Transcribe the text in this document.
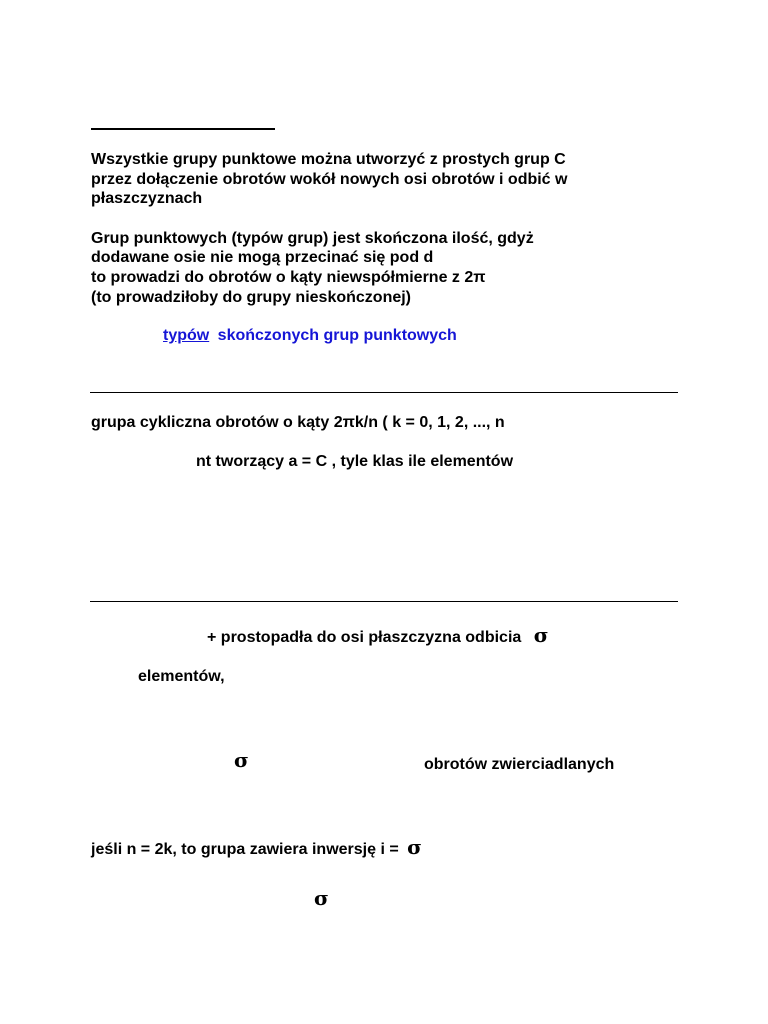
Wszystkie grupy punktowe można utworzyć z prostych grup C
przez dołączenie obrotów wokół nowych osi obrotów i odbić w
płaszczyznach
Grup punktowych (typów grup) jest skończona ilość, gdyż
dodawane osie nie mogą przecinać się pod d
to prowadzi do obrotów o kąty niewspółmierne z 2π
(to prowadziłoby do grupy nieskończonej)
typów skończonych grup punktowych
grupa cykliczna obrotów o kąty 2πk/n ( k = 0, 1, 2, ..., n
nt tworzący a = C , tyle klas ile elementów
+ prostopadła do osi płaszczyzna odbicia σ
elementów,
σ	obrotów zwierciadlanych
jeśli n = 2k, to grupa zawiera inwersję i = σ
σ
